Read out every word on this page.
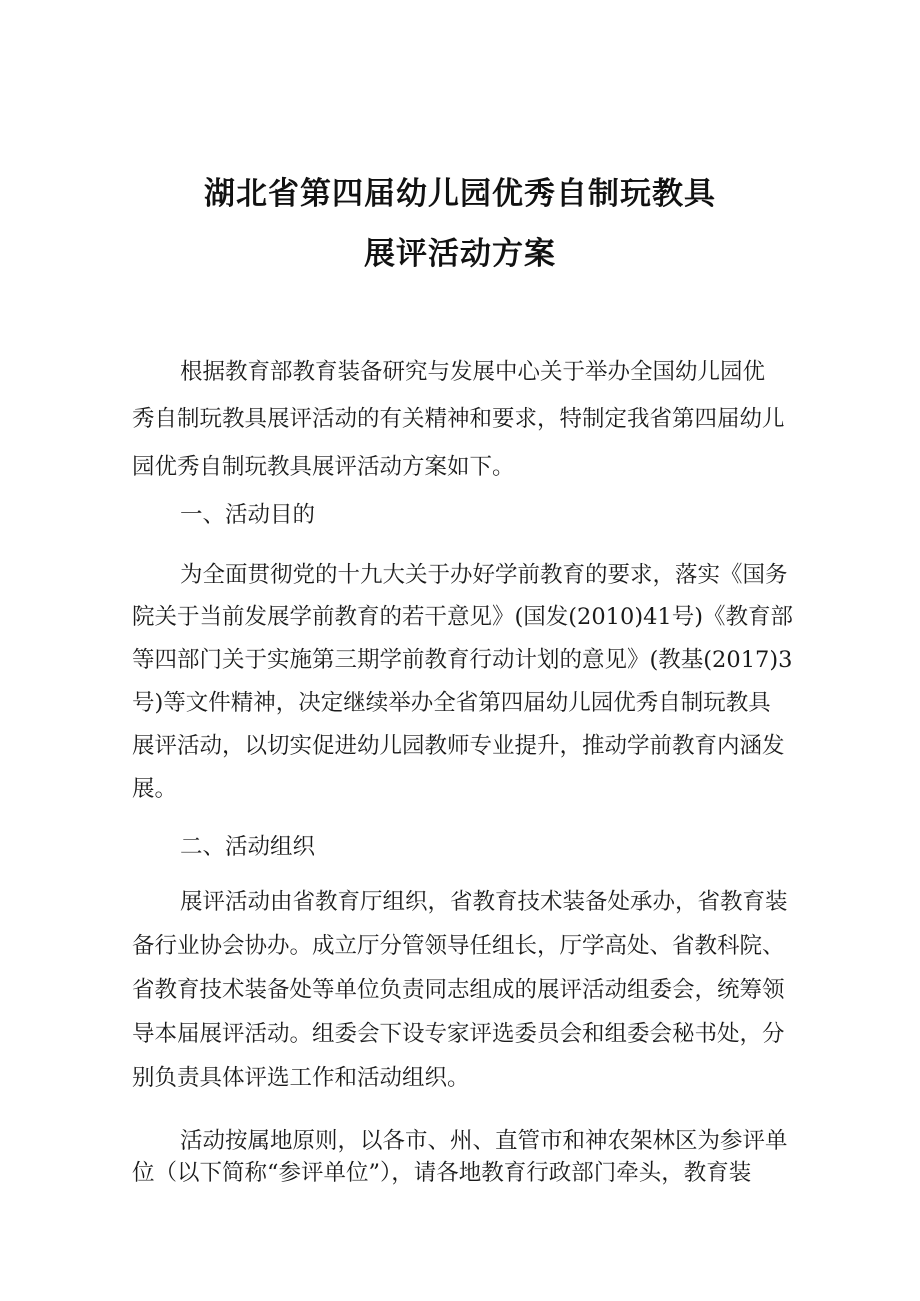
湖北省第四届幼儿园优秀自制玩教具
展评活动方案
根据教育部教育装备研究与发展中心关于举办全国幼儿园优
秀自制玩教具展评活动的有关精神和要求，特制定我省第四届幼儿
园优秀自制玩教具展评活动方案如下。
一、活动目的
为全面贯彻党的十九大关于办好学前教育的要求，落实《国务
院关于当前发展学前教育的若干意见》(国发(2010)41号)《教育部
等四部门关于实施第三期学前教育行动计划的意见》(教基(2017)3
号)等文件精神，决定继续举办全省第四届幼儿园优秀自制玩教具
展评活动，以切实促进幼儿园教师专业提升，推动学前教育内涵发
展。
二、活动组织
展评活动由省教育厅组织，省教育技术装备处承办，省教育装
备行业协会协办。成立厅分管领导任组长，厅学高处、省教科院、
省教育技术装备处等单位负责同志组成的展评活动组委会，统筹领
导本届展评活动。组委会下设专家评选委员会和组委会秘书处，分
别负责具体评选工作和活动组织。
活动按属地原则，以各市、州、直管市和神农架林区为参评单
位（以下简称“参评单位”），请各地教育行政部门牵头，教育装
